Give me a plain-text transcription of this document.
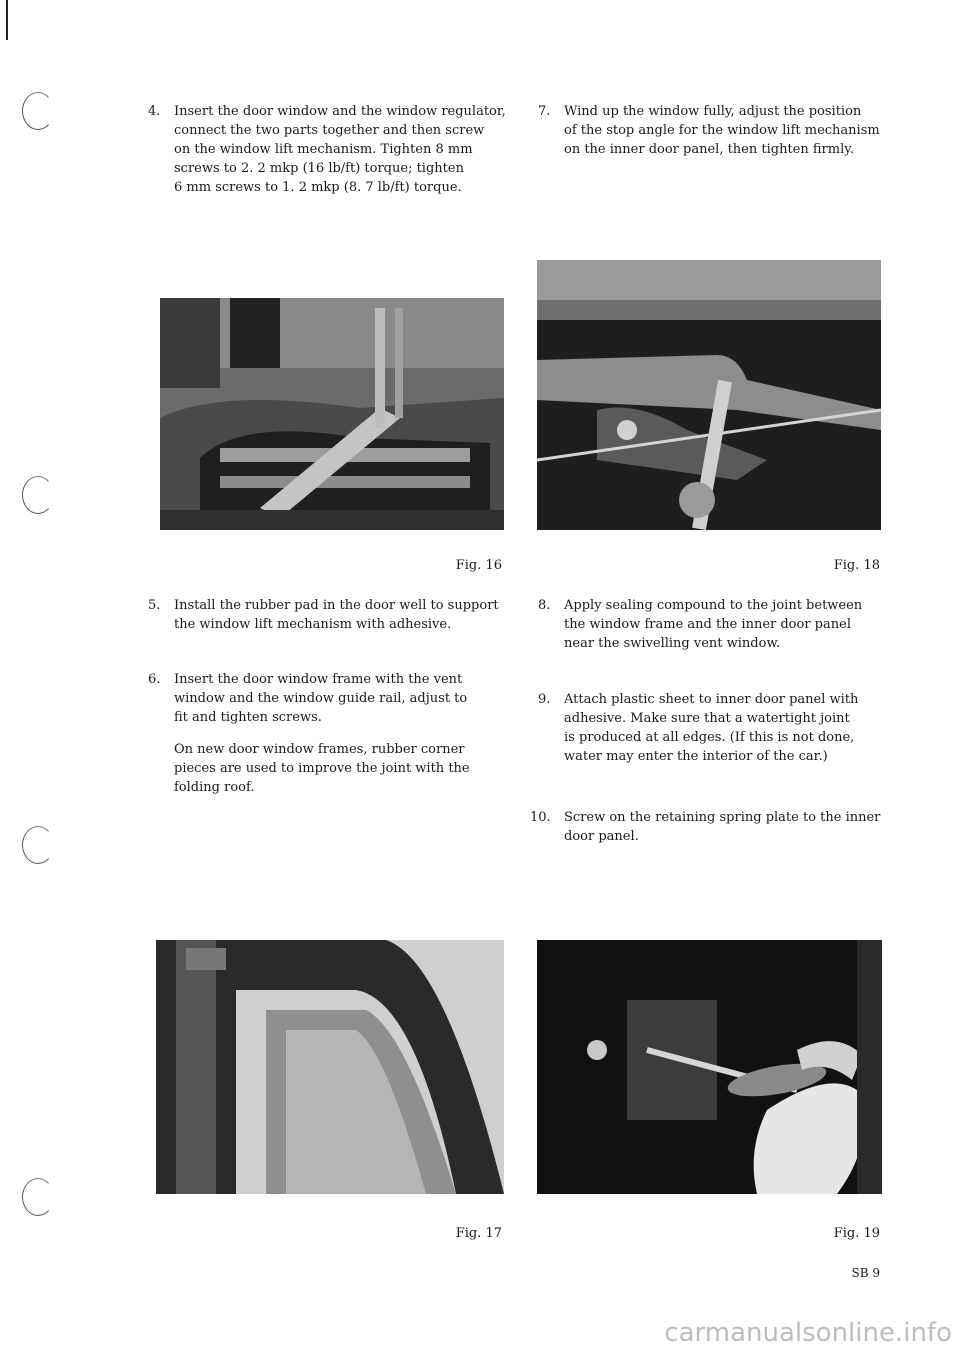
4. Insert the door window and the window regulator,
connect the two parts together and then screw
on the window lift mechanism. Tighten 8 mm
screws to 2. 2 mkp (16 lb/ft) torque; tighten
6 mm screws to 1. 2 mkp (8. 7 lb/ft) torque.
7. Wind up the window fully, adjust the position
of the stop angle for the window lift mechanism
on the inner door panel, then tighten firmly.
Fig. 16	Fig. 18
5. Install the rubber pad in the door well to support
the window lift mechanism with adhesive.
6. Insert the door window frame with the vent
window and the window guide rail, adjust to
fit and tighten screws.
On new door window frames, rubber corner
pieces are used to improve the joint with the
folding roof.
8. Apply sealing compound to the joint between
the window frame and the inner door panel
near the swivelling vent window.
9. Attach plastic sheet to inner door panel with
adhesive. Make sure that a watertight joint
is produced at all edges. (If this is not done,
water may enter the interior of the car.)
10. Screw on the retaining spring plate to the inner
door panel.
Fig. 17	Fig. 19
SB 9
carmanualsonline.info
